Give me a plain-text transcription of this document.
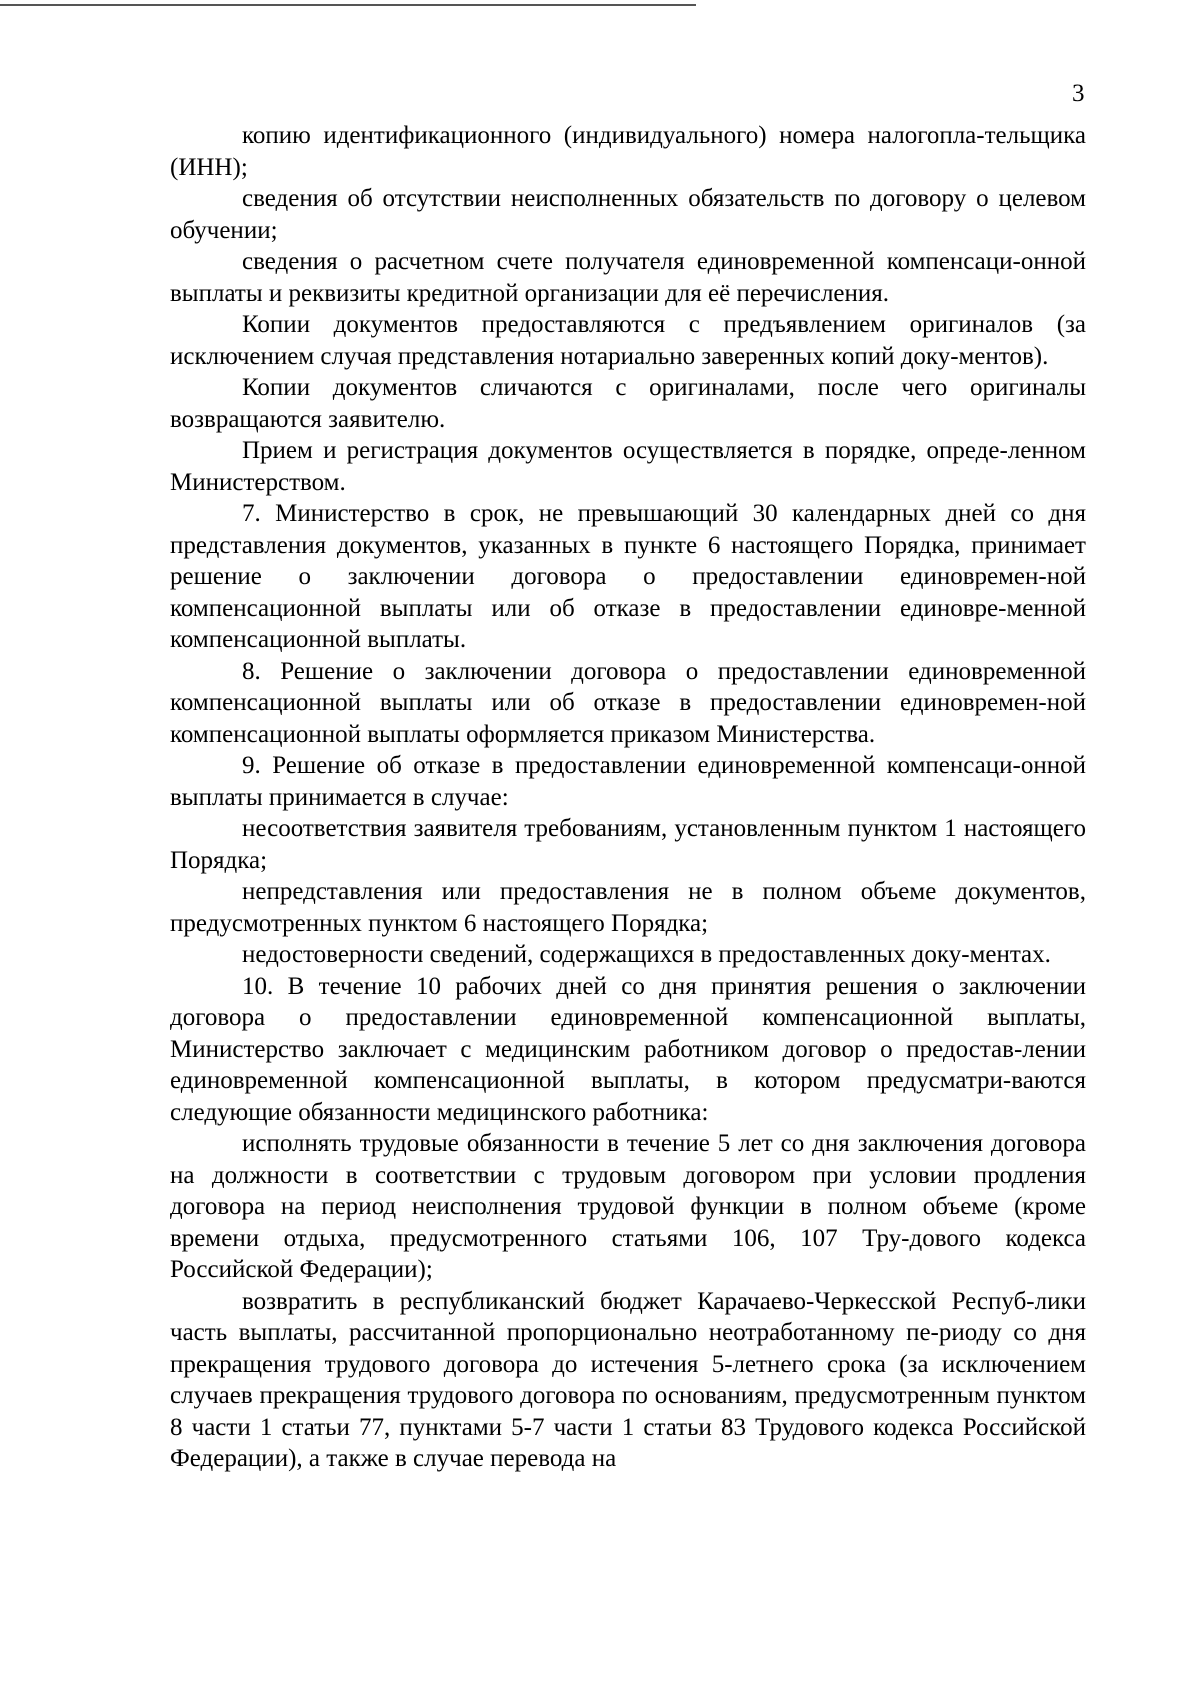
3

копию идентификационного (индивидуального) номера налогопла-тельщика (ИНН);

сведения об отсутствии неисполненных обязательств по договору о целевом обучении;

сведения о расчетном счете получателя единовременной компенсаци-онной выплаты и реквизиты кредитной организации для её перечисления.

Копии документов предоставляются с предъявлением оригиналов (за исключением случая представления нотариально заверенных копий доку-ментов).

Копии документов сличаются с оригиналами, после чего оригиналы возвращаются заявителю.

Прием и регистрация документов осуществляется в порядке, опреде-ленном Министерством.

7. Министерство в срок, не превышающий 30 календарных дней со дня представления документов, указанных в пункте 6 настоящего Порядка, принимает решение о заключении договора о предоставлении единовремен-ной компенсационной выплаты или об отказе в предоставлении единовре-менной компенсационной выплаты.

8. Решение о заключении договора о предоставлении единовременной компенсационной выплаты или об отказе в предоставлении единовремен-ной компенсационной выплаты оформляется приказом Министерства.

9. Решение об отказе в предоставлении единовременной компенсаци-онной выплаты принимается в случае:

несоответствия заявителя требованиям, установленным пунктом 1 настоящего Порядка;

непредставления или предоставления не в полном объеме документов, предусмотренных пунктом 6 настоящего Порядка;

недостоверности сведений, содержащихся в предоставленных доку-ментах.

10. В течение 10 рабочих дней со дня принятия решения о заключении договора о предоставлении единовременной компенсационной выплаты, Министерство заключает с медицинским работником договор о предостав-лении единовременной компенсационной выплаты, в котором предусматри-ваются следующие обязанности медицинского работника:

исполнять трудовые обязанности в течение 5 лет со дня заключения договора на должности в соответствии с трудовым договором при условии продления договора на период неисполнения трудовой функции в полном объеме (кроме времени отдыха, предусмотренного статьями 106, 107 Тру-дового кодекса Российской Федерации);

возвратить в республиканский бюджет Карачаево-Черкесской Респуб-лики часть выплаты, рассчитанной пропорционально неотработанному пе-риоду со дня прекращения трудового договора до истечения 5-летнего срока (за исключением случаев прекращения трудового договора по основаниям, предусмотренным пунктом 8 части 1 статьи 77, пунктами 5-7 части 1 статьи 83 Трудового кодекса Российской Федерации), а также в случае перевода на
